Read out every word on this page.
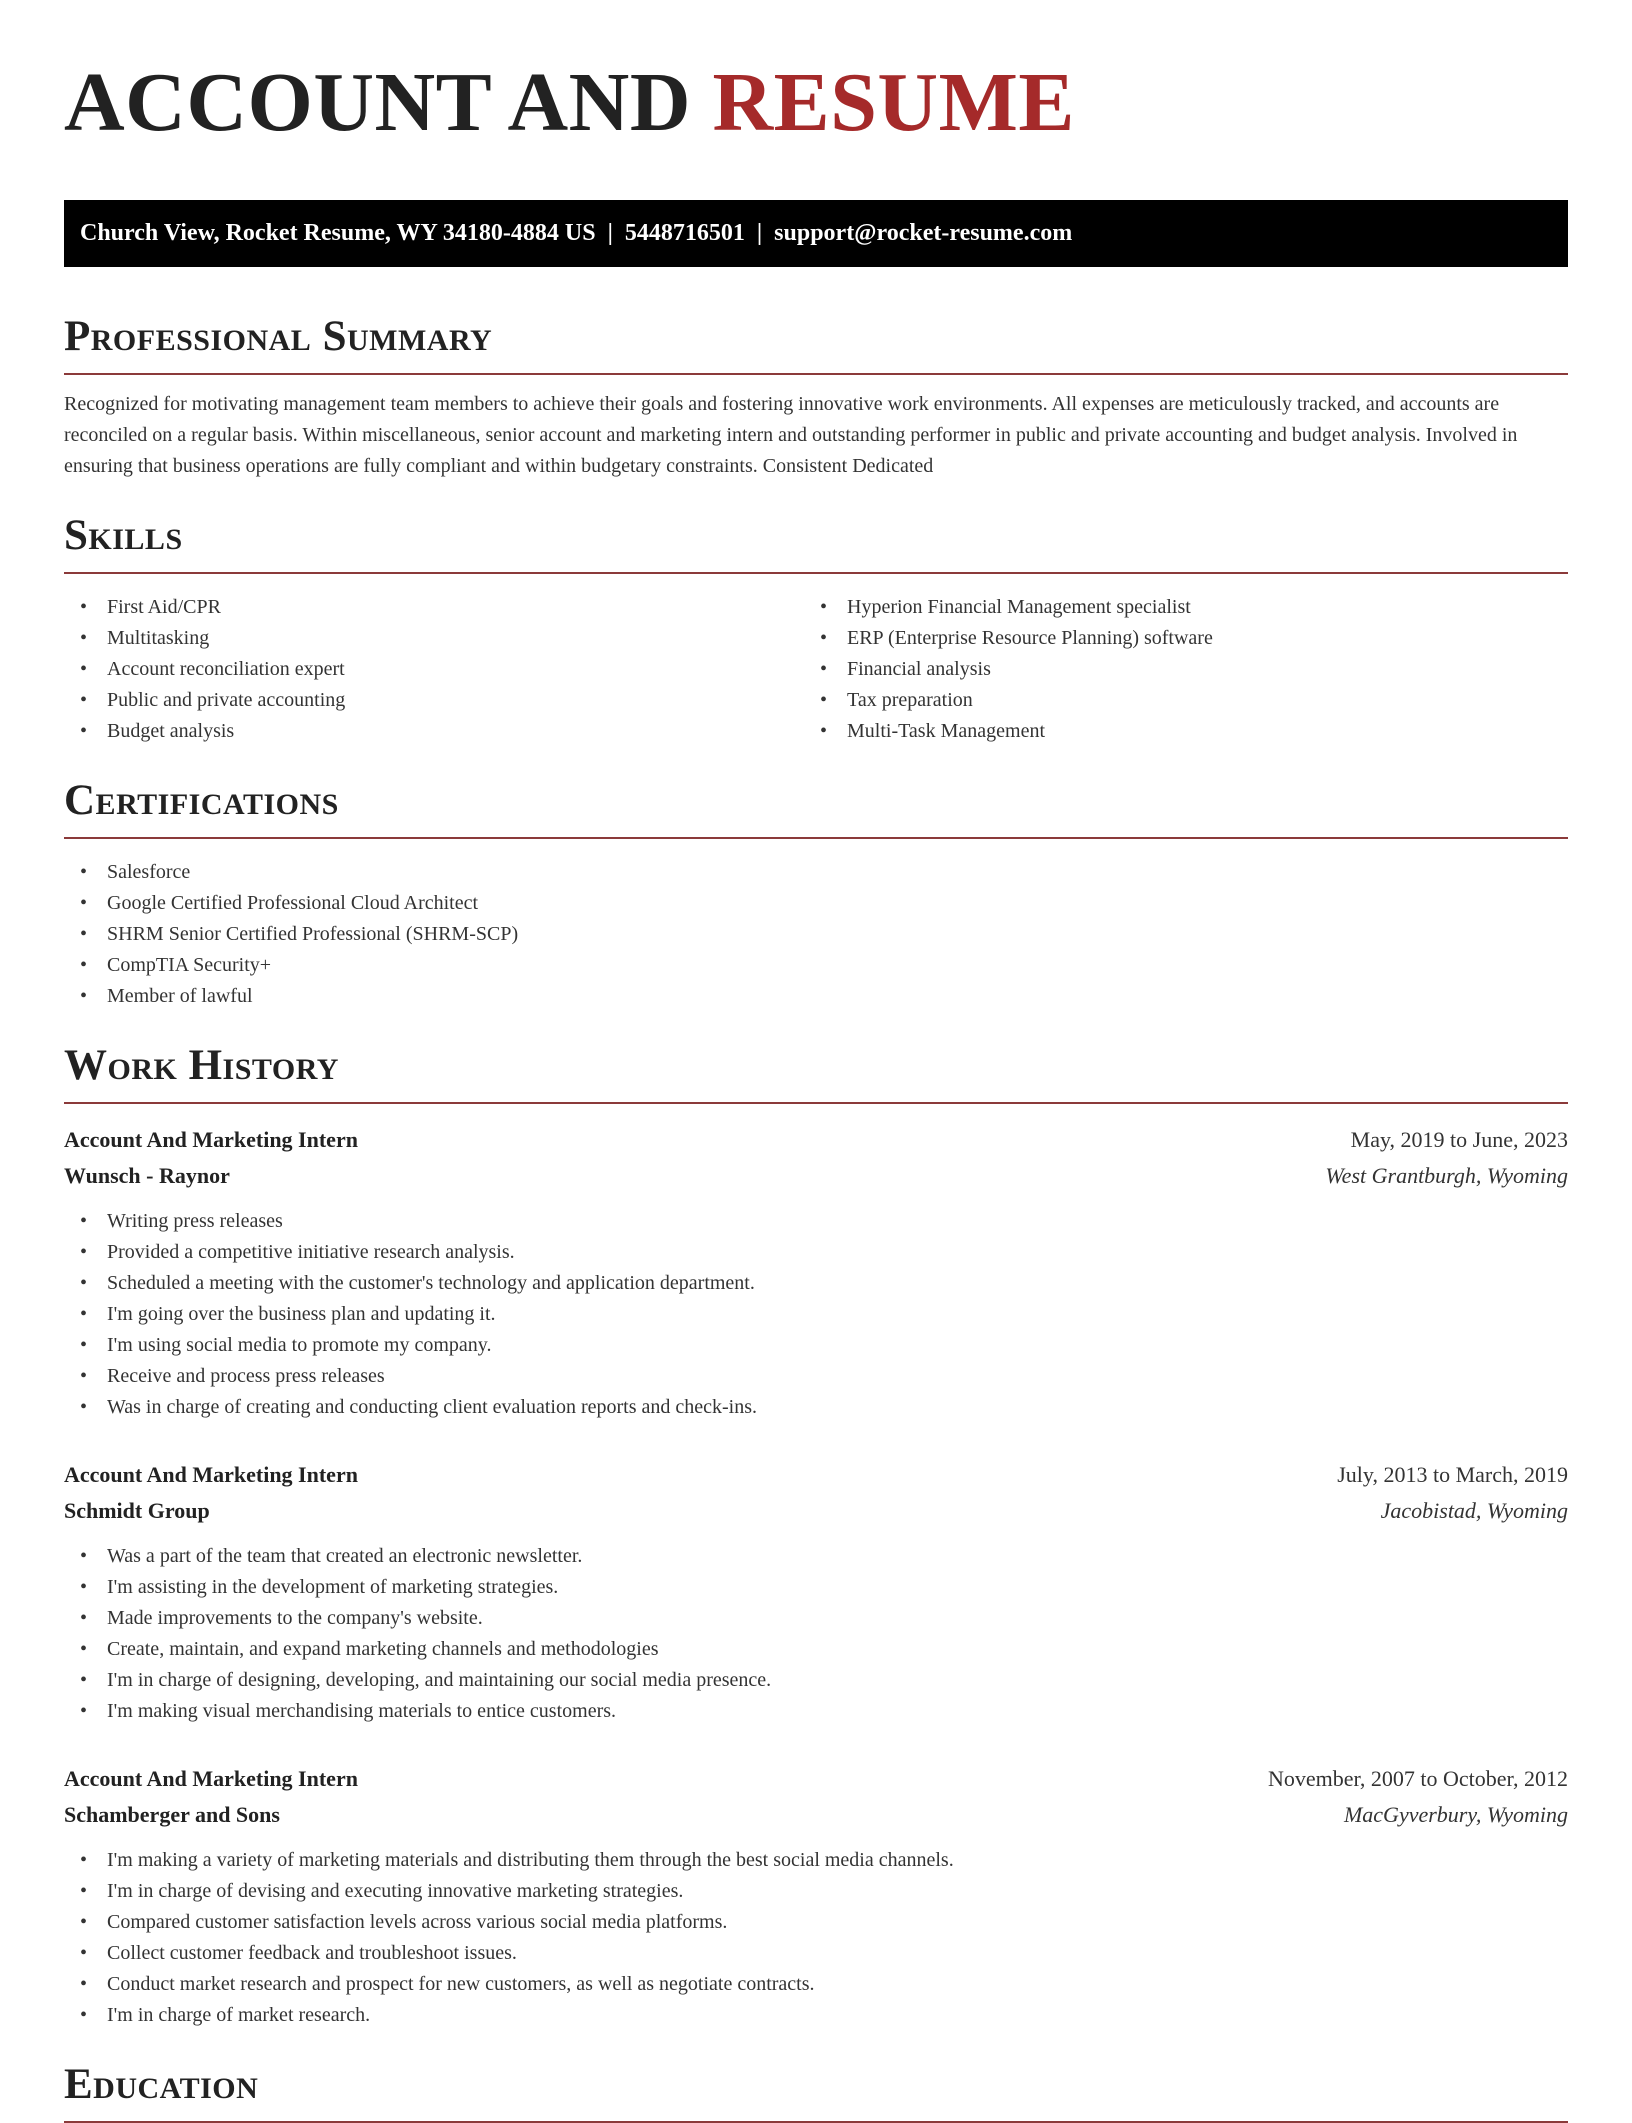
ACCOUNT AND RESUME
Church View, Rocket Resume, WY 34180-4884 US | 5448716501 | support@rocket-resume.com
Professional Summary

Recognized for motivating management team members to achieve their goals and fostering innovative work environments. All expenses are meticulously tracked, and accounts are reconciled on a regular basis. Within miscellaneous, senior account and marketing intern and outstanding performer in public and private accounting and budget analysis. Involved in ensuring that business operations are fully compliant and within budgetary constraints. Consistent Dedicated

Skills
• First Aid/CPR
• Multitasking
• Account reconciliation expert
• Public and private accounting
• Budget analysis
• Hyperion Financial Management specialist
• ERP (Enterprise Resource Planning) software
• Financial analysis
• Tax preparation
• Multi-Task Management
Certifications
• Salesforce
• Google Certified Professional Cloud Architect
• SHRM Senior Certified Professional (SHRM-SCP)
• CompTIA Security+
• Member of lawful
Work History
Account And Marketing Intern	May, 2019 to June, 2023
Wunsch - Raynor	West Grantburgh, Wyoming
• Writing press releases
• Provided a competitive initiative research analysis.
• Scheduled a meeting with the customer's technology and application department.
• I'm going over the business plan and updating it.
• I'm using social media to promote my company.
• Receive and process press releases
• Was in charge of creating and conducting client evaluation reports and check-ins.
Account And Marketing Intern	July, 2013 to March, 2019
Schmidt Group	Jacobistad, Wyoming
• Was a part of the team that created an electronic newsletter.
• I'm assisting in the development of marketing strategies.
• Made improvements to the company's website.
• Create, maintain, and expand marketing channels and methodologies
• I'm in charge of designing, developing, and maintaining our social media presence.
• I'm making visual merchandising materials to entice customers.
Account And Marketing Intern	November, 2007 to October, 2012
Schamberger and Sons	MacGyverbury, Wyoming
• I'm making a variety of marketing materials and distributing them through the best social media channels.
• I'm in charge of devising and executing innovative marketing strategies.
• Compared customer satisfaction levels across various social media platforms.
• Collect customer feedback and troubleshoot issues.
• Conduct market research and prospect for new customers, as well as negotiate contracts.
• I'm in charge of market research.
Education
